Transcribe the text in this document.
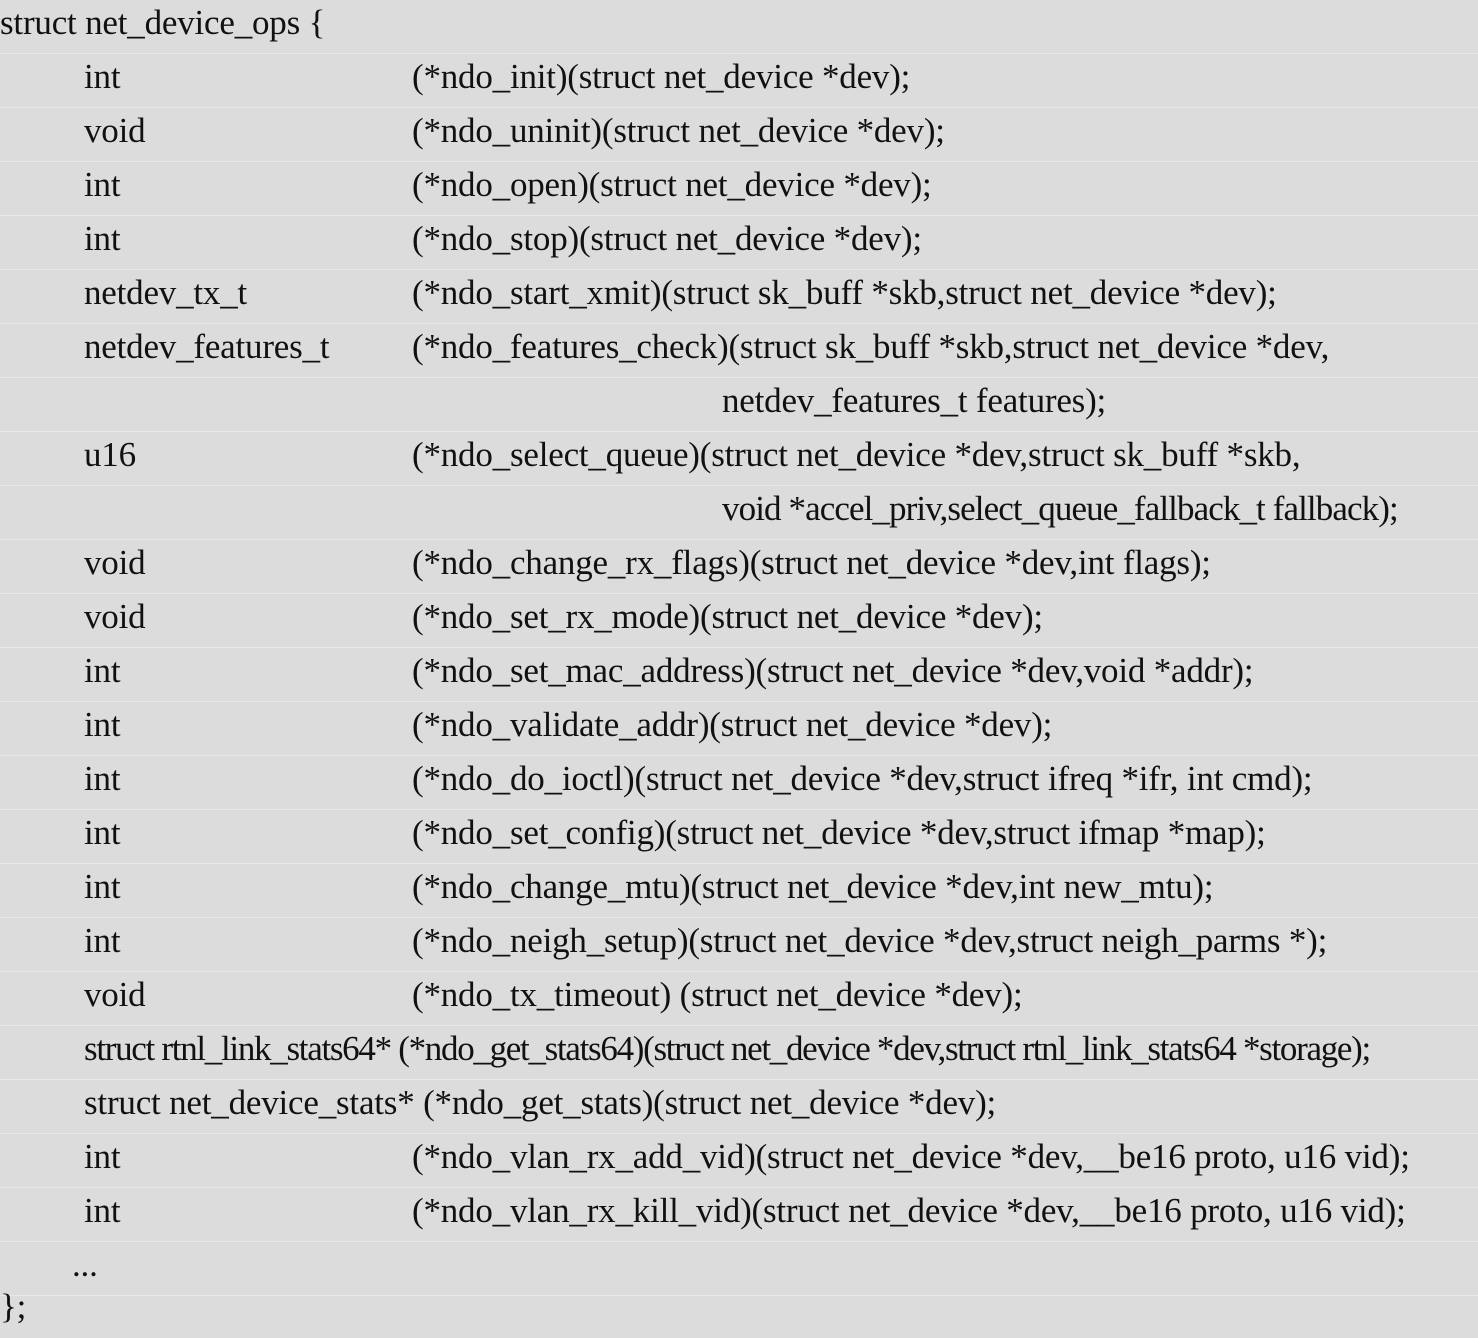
struct net_device_ops {
int	(*ndo_init)(struct net_device *dev);
void	(*ndo_uninit)(struct net_device *dev);
int	(*ndo_open)(struct net_device *dev);
int	(*ndo_stop)(struct net_device *dev);
netdev_tx_t	(*ndo_start_xmit)(struct sk_buff *skb,struct net_device *dev);
netdev_features_t (*ndo_features_check)(struct sk_buff *skb,struct net_device *dev,
netdev_features_t features);
u16	(*ndo_select_queue)(struct net_device *dev,struct sk_buff *skb,
void *accel_priv,select_queue_fallback_t fallback);
void	(*ndo_change_rx_flags)(struct net_device *dev,int flags);
void	(*ndo_set_rx_mode)(struct net_device *dev);
int	(*ndo_set_mac_address)(struct net_device *dev,void *addr);
int	(*ndo_validate_addr)(struct net_device *dev);
int	(*ndo_do_ioctl)(struct net_device *dev,struct ifreq *ifr, int cmd);
int	(*ndo_set_config)(struct net_device *dev,struct ifmap *map);
int	(*ndo_change_mtu)(struct net_device *dev,int new_mtu);
int	(*ndo_neigh_setup)(struct net_device *dev,struct neigh_parms *);
void	(*ndo_tx_timeout) (struct net_device *dev);
struct rtnl_link_stats64* (*ndo_get_stats64)(struct net_device *dev,struct rtnl_link_stats64 *storage);
struct net_device_stats* (*ndo_get_stats)(struct net_device *dev);
int	(*ndo_vlan_rx_add_vid)(struct net_device *dev,__be16 proto, u16 vid);
int	(*ndo_vlan_rx_kill_vid)(struct net_device *dev,__be16 proto, u16 vid);
...
};
